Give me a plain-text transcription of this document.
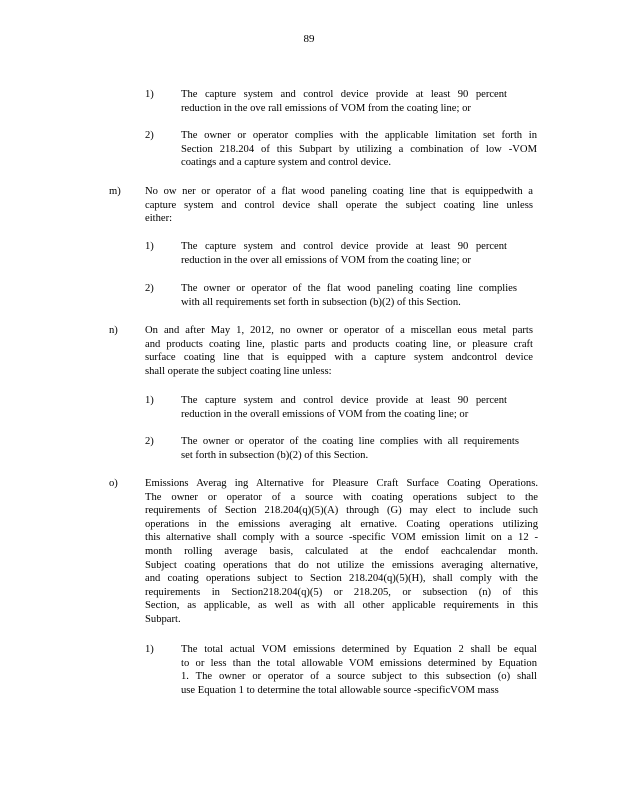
89
1)	The capture system and control device provide at least 90 percent
reduction in the ove rall emissions of VOM from the coating line; or
2)	The owner or operator complies with the applicable limitation set forth in
Section 218.204 of this Subpart by utilizing a combination of low -VOM
coatings and a capture system and control device.
m) No ow ner or operator of a flat wood paneling coating line that is equippedwith a
capture system and control device shall operate the subject coating line unless
either:
1)	The capture system and control device provide at least 90 percent
reduction in the over all emissions of VOM from the coating line; or
2)	The owner or operator of the flat wood paneling coating line complies
with all requirements set forth in subsection (b)(2) of this Section.
n)	On and after May 1, 2012, no owner or operator of a miscellan eous metal parts
and products coating line, plastic parts and products coating line, or pleasure craft
surface coating line that is equipped with a capture system andcontrol device
shall operate the subject coating line unless:
1)	The capture system and control device provide at least 90 percent
reduction in the overall emissions of VOM from the coating line; or
2)	The owner or operator of the coating line complies with all requirements
set forth in subsection (b)(2) of this Section.
o)	Emissions Averag ing Alternative for Pleasure Craft Surface Coating Operations.
The owner or operator of a source with coating operations subject to the
requirements of Section 218.204(q)(5)(A) through (G) may elect to include such
operations in the emissions averaging alt ernative. Coating operations utilizing
this alternative shall comply with a source -specific VOM emission limit on a 12 -
month rolling average basis, calculated at the endof eachcalendar month.
Subject coating operations that do not utilize the emissions averaging alternative,
and coating operations subject to Section 218.204(q)(5)(H), shall comply with the
requirements in Section218.204(q)(5) or 218.205, or subsection (n) of this
Section, as applicable, as well as with all other applicable requirements in this
Subpart.
1)	The total actual VOM emissions determined by Equation 2 shall be equal
to or less than the total allowable VOM emissions determined by Equation
1. The owner or operator of a source subject to this subsection (o) shall
use Equation 1 to determine the total allowable source -specificVOM mass
